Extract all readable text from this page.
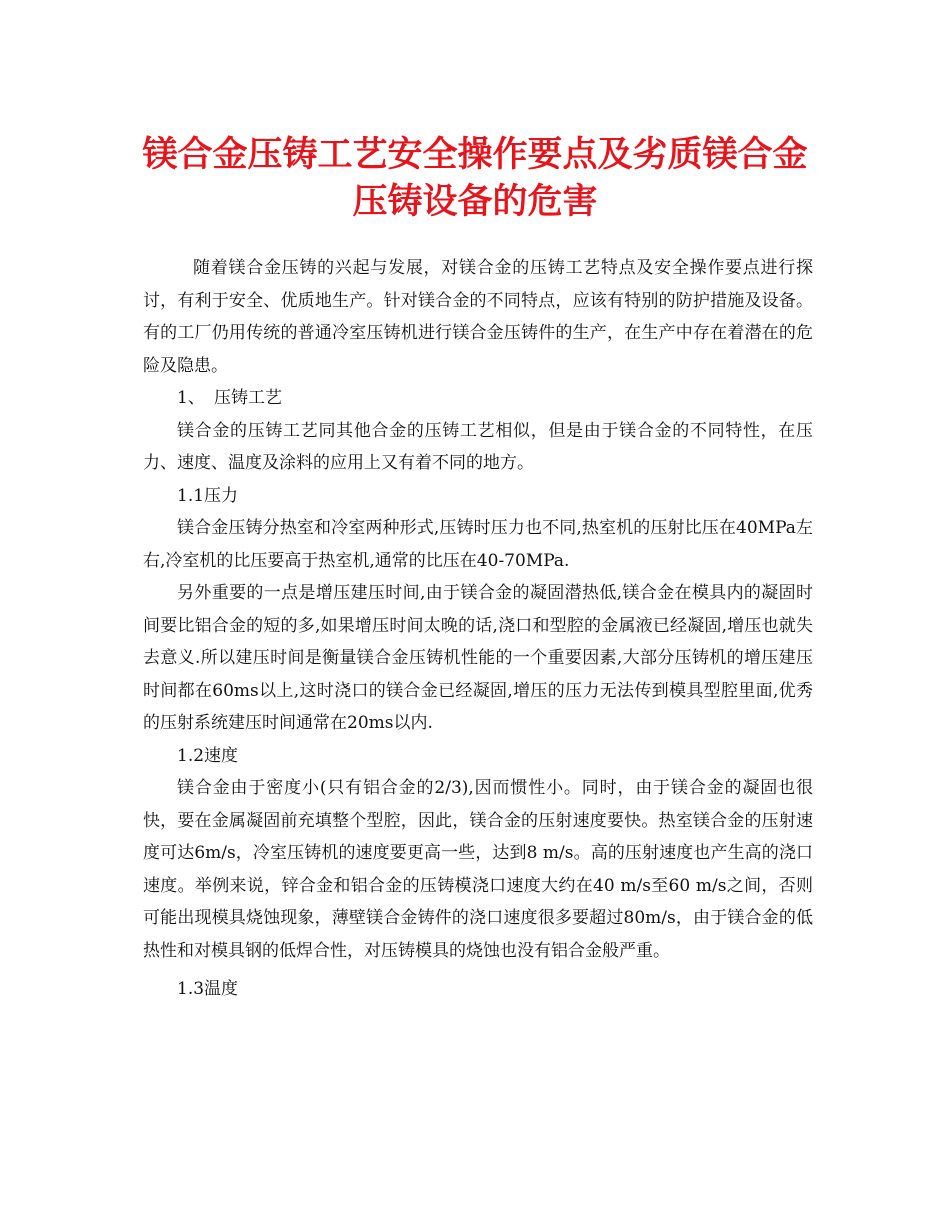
镁合金压铸工艺安全操作要点及劣质镁合金
压铸设备的危害

随着镁合金压铸的兴起与发展，对镁合金的压铸工艺特点及安全操作要点进行探讨，有利于安全、优质地生产。针对镁合金的不同特点，应该有特别的防护措施及设备。有的工厂仍用传统的普通冷室压铸机进行镁合金压铸件的生产，在生产中存在着潜在的危险及隐患。

1、 压铸工艺

镁合金的压铸工艺同其他合金的压铸工艺相似，但是由于镁合金的不同特性，在压力、速度、温度及涂料的应用上又有着不同的地方。

1.1压力

镁合金压铸分热室和冷室两种形式,压铸时压力也不同,热室机的压射比压在40MPa左右,冷室机的比压要高于热室机,通常的比压在40-70MPa.

另外重要的一点是增压建压时间,由于镁合金的凝固潜热低,镁合金在模具内的凝固时间要比铝合金的短的多,如果增压时间太晚的话,浇口和型腔的金属液已经凝固,增压也就失去意义.所以建压时间是衡量镁合金压铸机性能的一个重要因素,大部分压铸机的增压建压时间都在60ms以上,这时浇口的镁合金已经凝固,增压的压力无法传到模具型腔里面,优秀的压射系统建压时间通常在20ms以内.

1.2速度

镁合金由于密度小(只有铝合金的2/3),因而惯性小。同时，由于镁合金的凝固也很快，要在金属凝固前充填整个型腔，因此，镁合金的压射速度要快。热室镁合金的压射速度可达6m/s，冷室压铸机的速度要更高一些，达到8 m/s。高的压射速度也产生高的浇口速度。举例来说，锌合金和铝合金的压铸模浇口速度大约在40 m/s至60 m/s之间，否则可能出现模具烧蚀现象，薄壁镁合金铸件的浇口速度很多要超过80m/s，由于镁合金的低热性和对模具钢的低焊合性，对压铸模具的烧蚀也没有铝合金般严重。

1.3温度
